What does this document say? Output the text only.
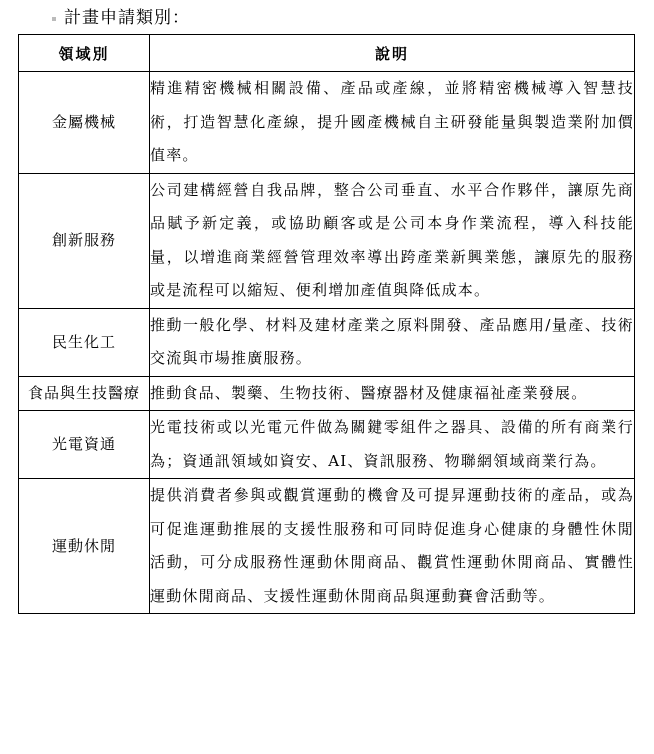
計畫申請類別：
領域別	說明
金屬機械	精進精密機械相關設備、產品或產線，並將精密機械導入智慧技術，打造智慧化產線，提升國產機械自主研發能量與製造業附加價值率。
創新服務	公司建構經營自我品牌，整合公司垂直、水平合作夥伴，讓原先商品賦予新定義，或協助顧客或是公司本身作業流程，導入科技能量，以增進商業經營管理效率導出跨產業新興業態，讓原先的服務或是流程可以縮短、便利增加產值與降低成本。
民生化工	推動一般化學、材料及建材產業之原料開發、產品應用/量產、技術交流與市場推廣服務。
食品與生技醫療	推動食品、製藥、生物技術、醫療器材及健康福祉產業發展。
光電資通	光電技術或以光電元件做為關鍵零組件之器具、設備的所有商業行為；資通訊領域如資安、AI、資訊服務、物聯網領域商業行為。
運動休閒	提供消費者參與或觀賞運動的機會及可提昇運動技術的產品，或為可促進運動推展的支援性服務和可同時促進身心健康的身體性休閒活動，可分成服務性運動休閒商品、觀賞性運動休閒商品、實體性運動休閒商品、支援性運動休閒商品與運動賽會活動等。
